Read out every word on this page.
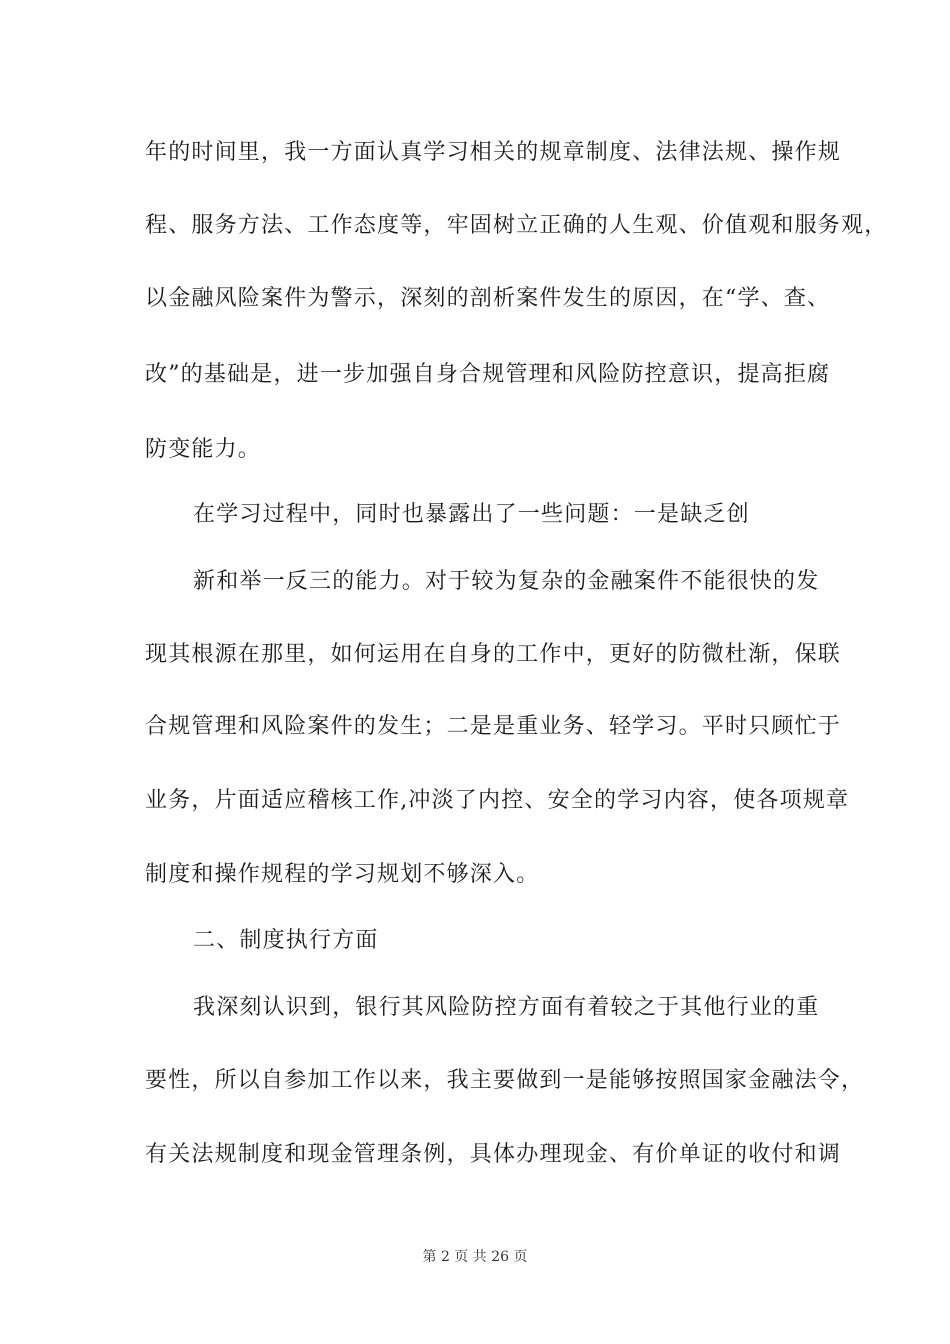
年的时间里，我一方面认真学习相关的规章制度、法律法规、操作规
程、服务方法、工作态度等，牢固树立正确的人生观、价值观和服务观，
以金融风险案件为警示，深刻的剖析案件发生的原因，在“学、查、
改”的基础是，进一步加强自身合规管理和风险防控意识，提高拒腐
防变能力。
在学习过程中，同时也暴露出了一些问题：一是缺乏创
新和举一反三的能力。对于较为复杂的金融案件不能很快的发
现其根源在那里，如何运用在自身的工作中，更好的防微杜渐，保联
合规管理和风险案件的发生；二是是重业务、轻学习。平时只顾忙于
业务，片面适应稽核工作,冲淡了内控、安全的学习内容，使各项规章
制度和操作规程的学习规划不够深入。
二、制度执行方面
我深刻认识到，银行其风险防控方面有着较之于其他行业的重
要性，所以自参加工作以来，我主要做到一是能够按照国家金融法令，
有关法规制度和现金管理条例，具体办理现金、有价单证的收付和调
第 2 页 共 26 页
